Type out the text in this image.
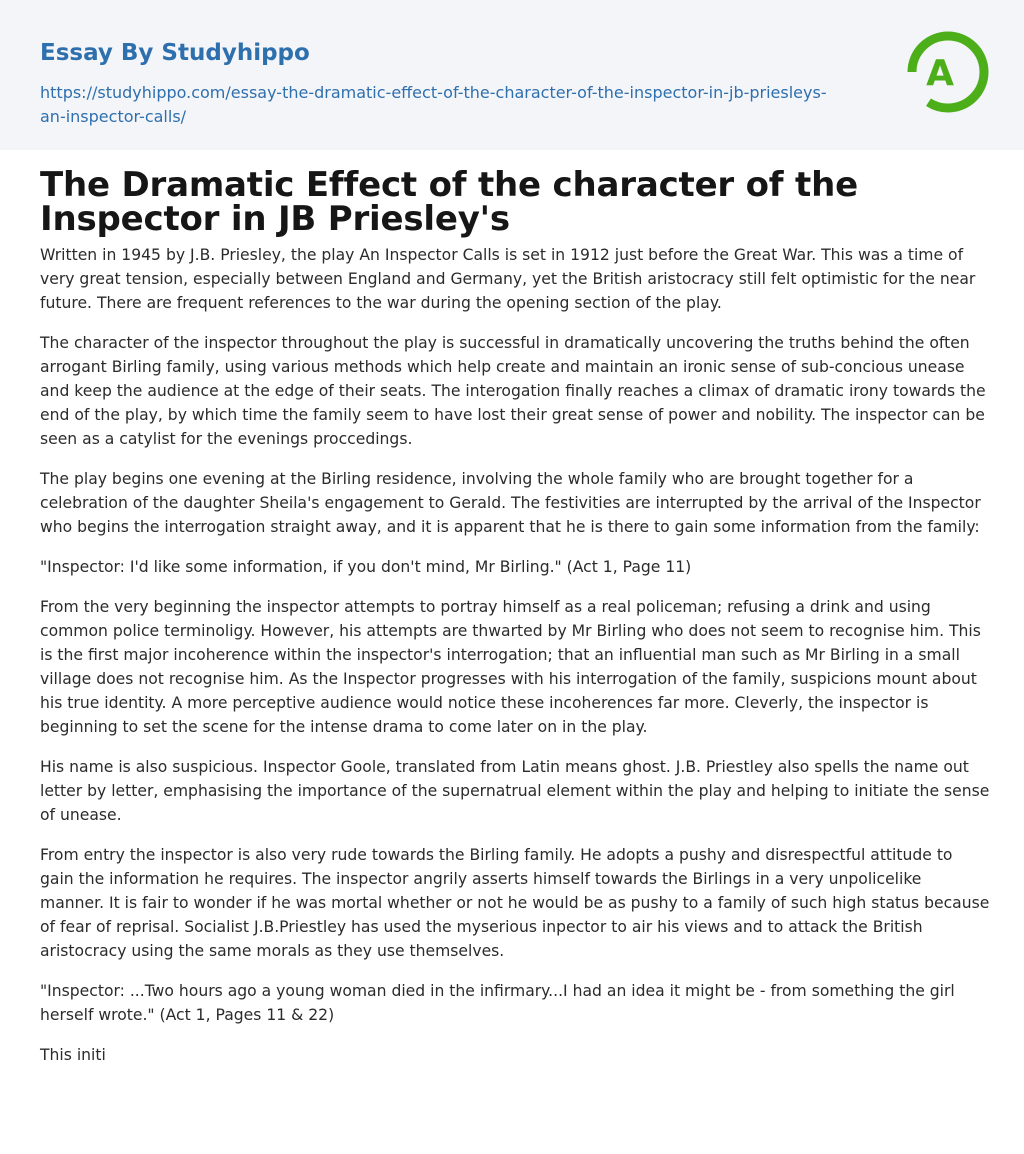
Essay By Studyhippo
https://studyhippo.com/essay-the-dramatic-effect-of-the-character-of-the-inspector-in-jb-priesleys-an-inspector-calls/
A
The Dramatic Effect of the character of the Inspector in JB Priesley's

Written in 1945 by J.B. Priesley, the play An Inspector Calls is set in 1912 just before the Great War. This was a time of very great tension, especially between England and Germany, yet the British aristocracy still felt optimistic for the near future. There are frequent references to the war during the opening section of the play.

The character of the inspector throughout the play is successful in dramatically uncovering the truths behind the often arrogant Birling family, using various methods which help create and maintain an ironic sense of sub-concious unease and keep the audience at the edge of their seats. The interogation finally reaches a climax of dramatic irony towards the end of the play, by which time the family seem to have lost their great sense of power and nobility. The inspector can be seen as a catylist for the evenings proccedings.

The play begins one evening at the Birling residence, involving the whole family who are brought together for a celebration of the daughter Sheila's engagement to Gerald. The festivities are interrupted by the arrival of the Inspector who begins the interrogation straight away, and it is apparent that he is there to gain some information from the family:

"Inspector: I'd like some information, if you don't mind, Mr Birling." (Act 1, Page 11)

From the very beginning the inspector attempts to portray himself as a real policeman; refusing a drink and using common police terminoligy. However, his attempts are thwarted by Mr Birling who does not seem to recognise him. This is the first major incoherence within the inspector's interrogation; that an influential man such as Mr Birling in a small village does not recognise him. As the Inspector progresses with his interrogation of the family, suspicions mount about his true identity. A more perceptive audience would notice these incoherences far more. Cleverly, the inspector is beginning to set the scene for the intense drama to come later on in the play.

His name is also suspicious. Inspector Goole, translated from Latin means ghost. J.B. Priestley also spells the name out letter by letter, emphasising the importance of the supernatrual element within the play and helping to initiate the sense of unease.

From entry the inspector is also very rude towards the Birling family. He adopts a pushy and disrespectful attitude to gain the information he requires. The inspector angrily asserts himself towards the Birlings in a very unpolicelike manner. It is fair to wonder if he was mortal whether or not he would be as pushy to a family of such high status because of fear of reprisal. Socialist J.B.Priestley has used the myserious inpector to air his views and to attack the British aristocracy using the same morals as they use themselves.

"Inspector: ...Two hours ago a young woman died in the infirmary...I had an idea it might be - from something the girl herself wrote." (Act 1, Pages 11 & 22)

This initi
